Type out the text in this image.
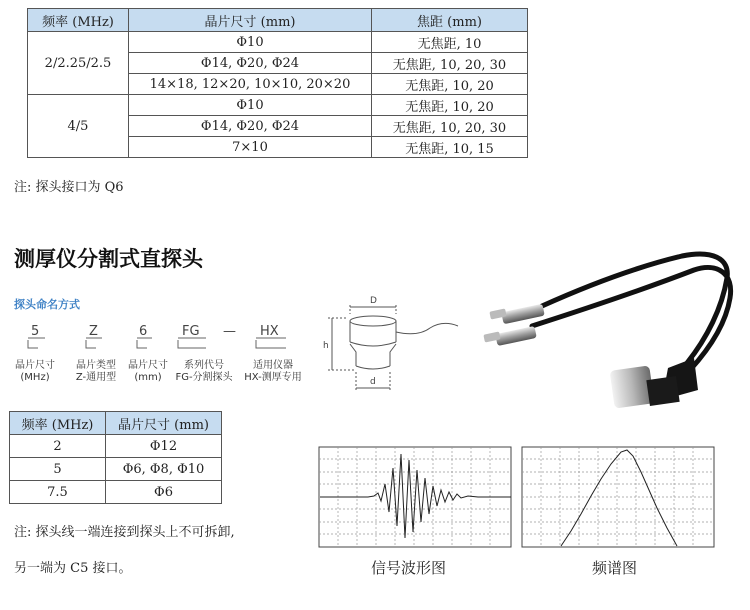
频率 (MHz)	晶片尺寸 (mm)	焦距 (mm)
2/2.25/2.5	Φ10	无焦距, 10
	Φ14, Φ20, Φ24	无焦距, 10, 20, 30
	14×18, 12×20, 10×10, 20×20	无焦距, 10, 20
4/5	Φ10	无焦距, 10, 20
	Φ14, Φ20, Φ24	无焦距, 10, 20, 30
	7×10	无焦距, 10, 15
注: 探头接口为 Q6
测厚仪分割式直探头
探头命名方式
5	Z	6	FG — HX
晶片尺寸
(MHz)
晶片类型
Z-通用型
晶片尺寸
(mm)
系列代号
FG-分割探头
适用仪器
HX-测厚专用
D
h
d
频率 (MHz)	晶片尺寸 (mm)
2	Φ12
5	Φ6, Φ8, Φ10
7.5	Φ6
注: 探头线一端连接到探头上不可拆卸,
另一端为 C5 接口。	信号波形图	频谱图
